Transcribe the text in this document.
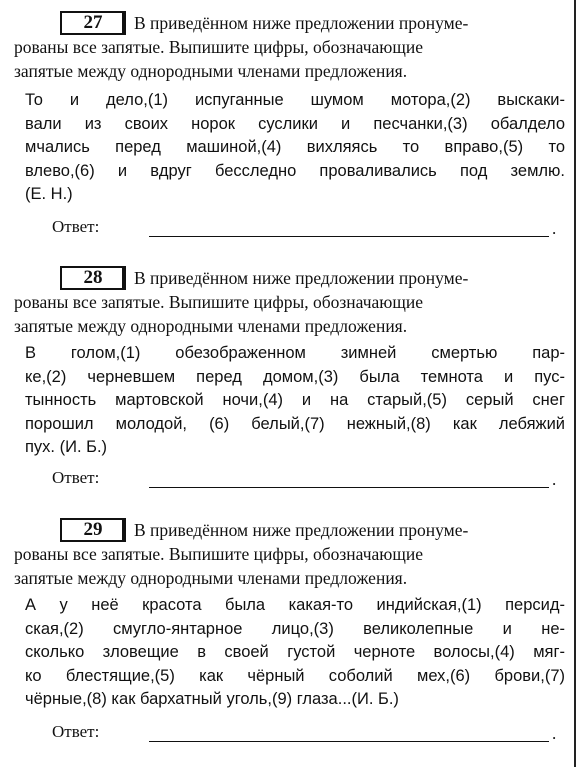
27	В приведённом ниже предложении пронуме-
рованы все запятые. Выпишите цифры, обозначающие
запятые между однородными членами предложения.

То и дело,(1) испуганные шумом мотора,(2) выскаки-
вали из своих норок суслики и песчанки,(3) обалдело
мчались перед машиной,(4) вихляясь то вправо,(5) то
влево,(6) и вдруг бесследно проваливались под землю.
(Е. Н.)
Ответ:	.
28	В приведённом ниже предложении пронуме-
рованы все запятые. Выпишите цифры, обозначающие
запятые между однородными членами предложения.

В голом,(1) обезображенном зимней смертью пар-
ке,(2) черневшем перед домом,(3) была темнота и пус-
тынность мартовской ночи,(4) и на старый,(5) серый снег
порошил молодой, (6) белый,(7) нежный,(8) как лебяжий
пух. (И. Б.)
Ответ:	.
29	В приведённом ниже предложении пронуме-
рованы все запятые. Выпишите цифры, обозначающие
запятые между однородными членами предложения.

А у неё красота была какая-то индийская,(1) персид-
ская,(2) смугло-янтарное лицо,(3) великолепные и не-
сколько зловещие в своей густой черноте волосы,(4) мяг-
ко блестящие,(5) как чёрный соболий мех,(6) брови,(7)
чёрные,(8) как бархатный уголь,(9) глаза...(И. Б.)
Ответ:	.
